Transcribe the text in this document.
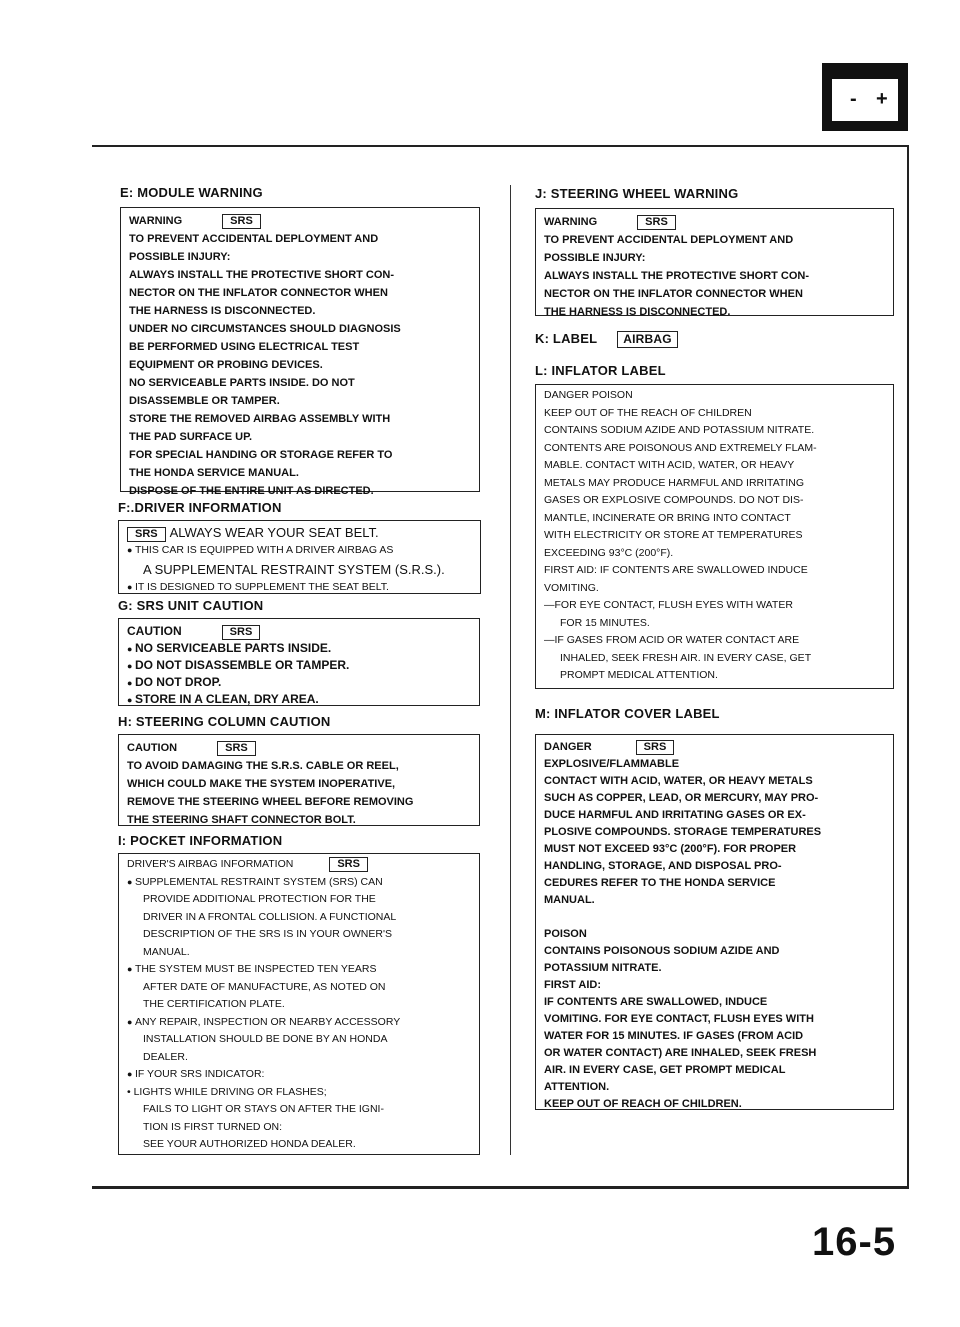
- +
E: MODULE WARNING
WARNING	SRS
TO PREVENT ACCIDENTAL DEPLOYMENT AND
POSSIBLE INJURY:
ALWAYS INSTALL THE PROTECTIVE SHORT CON-
NECTOR ON THE INFLATOR CONNECTOR WHEN
THE HARNESS IS DISCONNECTED.
UNDER NO CIRCUMSTANCES SHOULD DIAGNOSIS
BE PERFORMED USING ELECTRICAL TEST
EQUIPMENT OR PROBING DEVICES.
NO SERVICEABLE PARTS INSIDE. DO NOT
DISASSEMBLE OR TAMPER.
STORE THE REMOVED AIRBAG ASSEMBLY WITH
THE PAD SURFACE UP.
FOR SPECIAL HANDING OR STORAGE REFER TO
THE HONDA SERVICE MANUAL.
DISPOSE OF THE ENTIRE UNIT AS DIRECTED.
F:.DRIVER INFORMATION
SRS ALWAYS WEAR YOUR SEAT BELT.
● THIS CAR IS EQUIPPED WITH A DRIVER AIRBAG AS
A SUPPLEMENTAL RESTRAINT SYSTEM (S.R.S.).
● IT IS DESIGNED TO SUPPLEMENT THE SEAT BELT.
G: SRS UNIT CAUTION
CAUTION	SRS
● NO SERVICEABLE PARTS INSIDE.
● DO NOT DISASSEMBLE OR TAMPER.
● DO NOT DROP.
● STORE IN A CLEAN, DRY AREA.
H: STEERING COLUMN CAUTION
CAUTION	SRS
TO AVOID DAMAGING THE S.R.S. CABLE OR REEL,
WHICH COULD MAKE THE SYSTEM INOPERATIVE,
REMOVE THE STEERING WHEEL BEFORE REMOVING
THE STEERING SHAFT CONNECTOR BOLT.
I: POCKET INFORMATION
DRIVER'S AIRBAG INFORMATION	SRS
● SUPPLEMENTAL RESTRAINT SYSTEM (SRS) CAN
PROVIDE ADDITIONAL PROTECTION FOR THE
DRIVER IN A FRONTAL COLLISION. A FUNCTIONAL
DESCRIPTION OF THE SRS IS IN YOUR OWNER'S
MANUAL.
● THE SYSTEM MUST BE INSPECTED TEN YEARS
AFTER DATE OF MANUFACTURE, AS NOTED ON
THE CERTIFICATION PLATE.
● ANY REPAIR, INSPECTION OR NEARBY ACCESSORY
INSTALLATION SHOULD BE DONE BY AN HONDA
DEALER.
● IF YOUR SRS INDICATOR:
• LIGHTS WHILE DRIVING OR FLASHES;
FAILS TO LIGHT OR STAYS ON AFTER THE IGNI-
TION IS FIRST TURNED ON:
SEE YOUR AUTHORIZED HONDA DEALER.
J: STEERING WHEEL WARNING
WARNING	SRS
TO PREVENT ACCIDENTAL DEPLOYMENT AND
POSSIBLE INJURY:
ALWAYS INSTALL THE PROTECTIVE SHORT CON-
NECTOR ON THE INFLATOR CONNECTOR WHEN
THE HARNESS IS DISCONNECTED.
K: LABEL AIRBAG
L: INFLATOR LABEL
DANGER POISON
KEEP OUT OF THE REACH OF CHILDREN
CONTAINS SODIUM AZIDE AND POTASSIUM NITRATE.
CONTENTS ARE POISONOUS AND EXTREMELY FLAM-
MABLE. CONTACT WITH ACID, WATER, OR HEAVY
METALS MAY PRODUCE HARMFUL AND IRRITATING
GASES OR EXPLOSIVE COMPOUNDS. DO NOT DIS-
MANTLE, INCINERATE OR BRING INTO CONTACT
WITH ELECTRICITY OR STORE AT TEMPERATURES
EXCEEDING 93°C (200°F).
FIRST AID: IF CONTENTS ARE SWALLOWED INDUCE
VOMITING.
—FOR EYE CONTACT, FLUSH EYES WITH WATER
FOR 15 MINUTES.
—IF GASES FROM ACID OR WATER CONTACT ARE
INHALED, SEEK FRESH AIR. IN EVERY CASE, GET
PROMPT MEDICAL ATTENTION.
M: INFLATOR COVER LABEL
DANGER	SRS
EXPLOSIVE/FLAMMABLE
CONTACT WITH ACID, WATER, OR HEAVY METALS
SUCH AS COPPER, LEAD, OR MERCURY, MAY PRO-
DUCE HARMFUL AND IRRITATING GASES OR EX-
PLOSIVE COMPOUNDS. STORAGE TEMPERATURES
MUST NOT EXCEED 93°C (200°F). FOR PROPER
HANDLING, STORAGE, AND DISPOSAL PRO-
CEDURES REFER TO THE HONDA SERVICE
MANUAL.
POISON
CONTAINS POISONOUS SODIUM AZIDE AND
POTASSIUM NITRATE.
FIRST AID:
IF CONTENTS ARE SWALLOWED, INDUCE
VOMITING. FOR EYE CONTACT, FLUSH EYES WITH
WATER FOR 15 MINUTES. IF GASES (FROM ACID
OR WATER CONTACT) ARE INHALED, SEEK FRESH
AIR. IN EVERY CASE, GET PROMPT MEDICAL
ATTENTION.
KEEP OUT OF REACH OF CHILDREN.
16-5
